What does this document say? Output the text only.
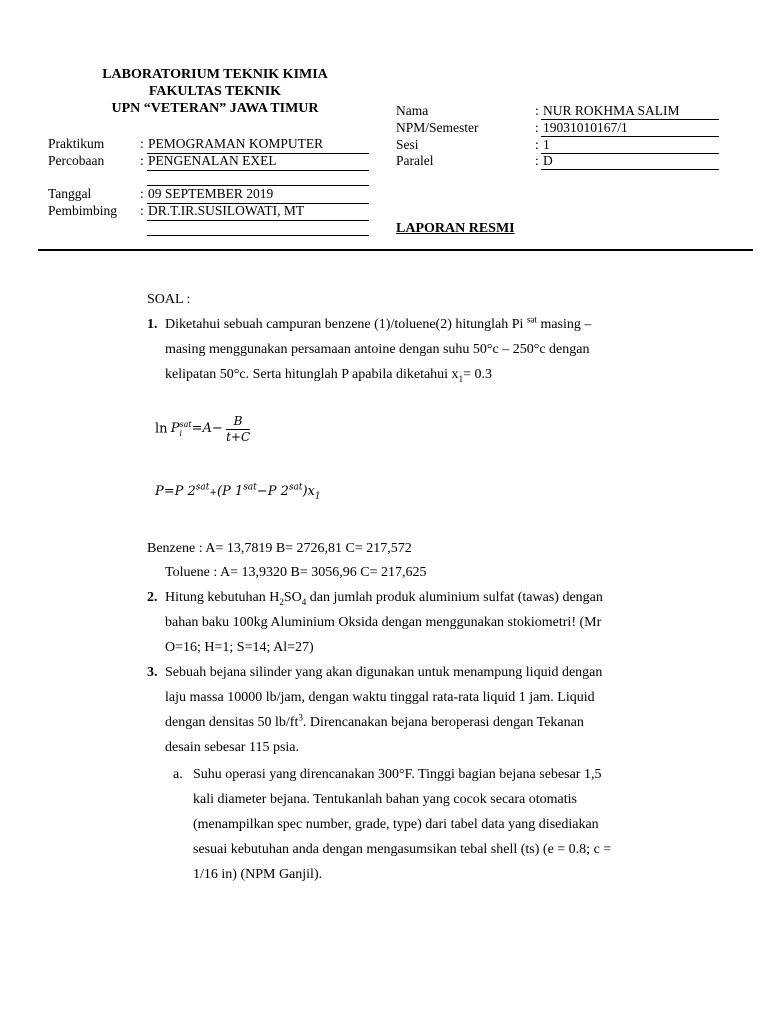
LABORATORIUM TEKNIK KIMIA
FAKULTAS TEKNIK
UPN “VETERAN” JAWA TIMUR
Praktikum	: PEMOGRAMAN KOMPUTER
Percobaan	: PENGENALAN EXEL
Tanggal	: 09 SEPTEMBER 2019
Pembimbing : DR.T.IR.SUSILOWATI, MT
Nama	: NUR ROKHMA SALIM
NPM/Semester	: 19031010167/1
Sesi	: 1
Paralel	: D
LAPORAN RESMI
SOAL :
1. Diketahui sebuah campuran benzene (1)/toluene(2) hitunglah Pi $^{sat}$ masing –
masing menggunakan persamaan antoine dengan suhu 50°c – 250°c dengan
kelipatan 50°c. Serta hitunglah P apabila diketahui $x_1= 0.3$
ln P sat
$i =A- \frac{B}{t+C}$
P=P $2^{sat}+(P$ $1^{sat}-P$ $2^{sat})x_1$
Benzene : A= 13,7819 B= 2726,81 C= 217,572
Toluene : A= 13,9320 B= 3056,96 C= 217,625
2. Hitung kebutuhan $H_2SO_4$ dan jumlah produk aluminium sulfat (tawas) dengan
bahan baku 100kg Aluminium Oksida dengan menggunakan stokiometri! (Mr
O=16; H=1; S=14; Al=27)
3. Sebuah bejana silinder yang akan digunakan untuk menampung liquid dengan
laju massa 10000 lb/jam, dengan waktu tinggal rata-rata liquid 1 jam. Liquid
dengan densitas 50 $lb/ft^3$. Direncanakan bejana beroperasi dengan Tekanan
desain sebesar 115 psia.
a. Suhu operasi yang direncanakan 300°F. Tinggi bagian bejana sebesar 1,5
kali diameter bejana. Tentukanlah bahan yang cocok secara otomatis
(menampilkan spec number, grade, type) dari tabel data yang disediakan
sesuai kebutuhan anda dengan mengasumsikan tebal shell (ts) (e = 0.8; c =
1/16 in) (NPM Ganjil).
